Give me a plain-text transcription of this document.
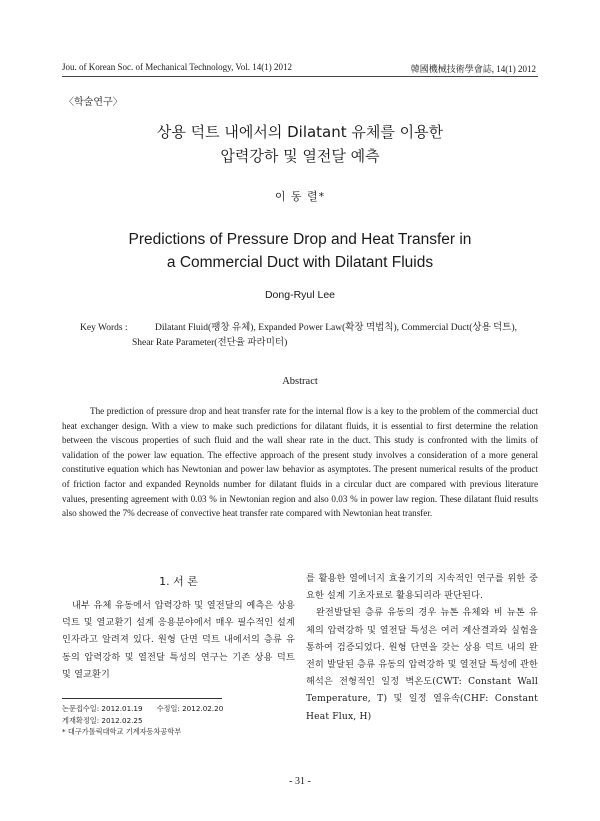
Jou. of Korean Soc. of Mechanical Technology, Vol. 14(1) 2012	韓國機械技術學會誌, 14(1) 2012
〈학술연구〉
상용 덕트 내에서의 Dilatant 유체를 이용한
압력강하 및 열전달 예측
이 동 렬*
Predictions of Pressure Drop and Heat Transfer in
a Commercial Duct with Dilatant Fluids
Dong-Ryul Lee
Key Words :	Dilatant Fluid(팽창 유체), Expanded Power Law(확장 멱법칙), Commercial Duct(상용 덕트),
Shear Rate Parameter(전단율 파라미터)
Abstract

The prediction of pressure drop and heat transfer rate for the internal flow is a key to the problem of the commercial duct heat exchanger design. With a view to make such predictions for dilatant fluids, it is essential to first determine the relation between the viscous properties of such fluid and the wall shear rate in the duct. This study is confronted with the limits of validation of the power law equation. The effective approach of the present study involves a consideration of a more general constitutive equation which has Newtonian and power law behavior as asymptotes. The present numerical results of the product of friction factor and expanded Reynolds number for dilatant fluids in a circular duct are compared with previous literature values, presenting agreement with 0.03 % in Newtonian region and also 0.03 % in power law region. These dilatant fluid results also showed the 7% decrease of convective heat transfer rate compared with Newtonian heat transfer.

1. 서 론

내부 유체 유동에서 압력강하 및 열전달의 예측은 상용 덕트 및 열교환기 설계 응용분야에서 매우 필수적인 설계인자라고 알려져 있다. 원형 단면 덕트 내에서의 층류 유동의 압력강하 및 열전달 특성의 연구는 기존 상용 덕트 및 열교환기

를 활용한 열에너지 효율기기의 지속적인 연구를 위한 중요한 설계 기초자료로 활용되리라 판단된다.

완전발달된 층류 유동의 경우 뉴톤 유체와 비 뉴톤 유체의 압력강하 및 열전달 특성은 여러 계산결과와 실험을 통하여 검증되었다. 원형 단면을 갖는 상용 덕트 내의 완전히 발달된 층류 유동의 압력강하 및 열전달 특성에 관한 해석은 전형적인 일정 벽온도(CWT: Constant Wall Temperature, T) 및 일정 열유속(CHF: Constant Heat Flux, H)

논문접수일: 2012.01.19 수정일: 2012.02.20
게재확정일: 2012.02.25
* 대구가톨릭대학교 기계자동차공학부
- 31 -
